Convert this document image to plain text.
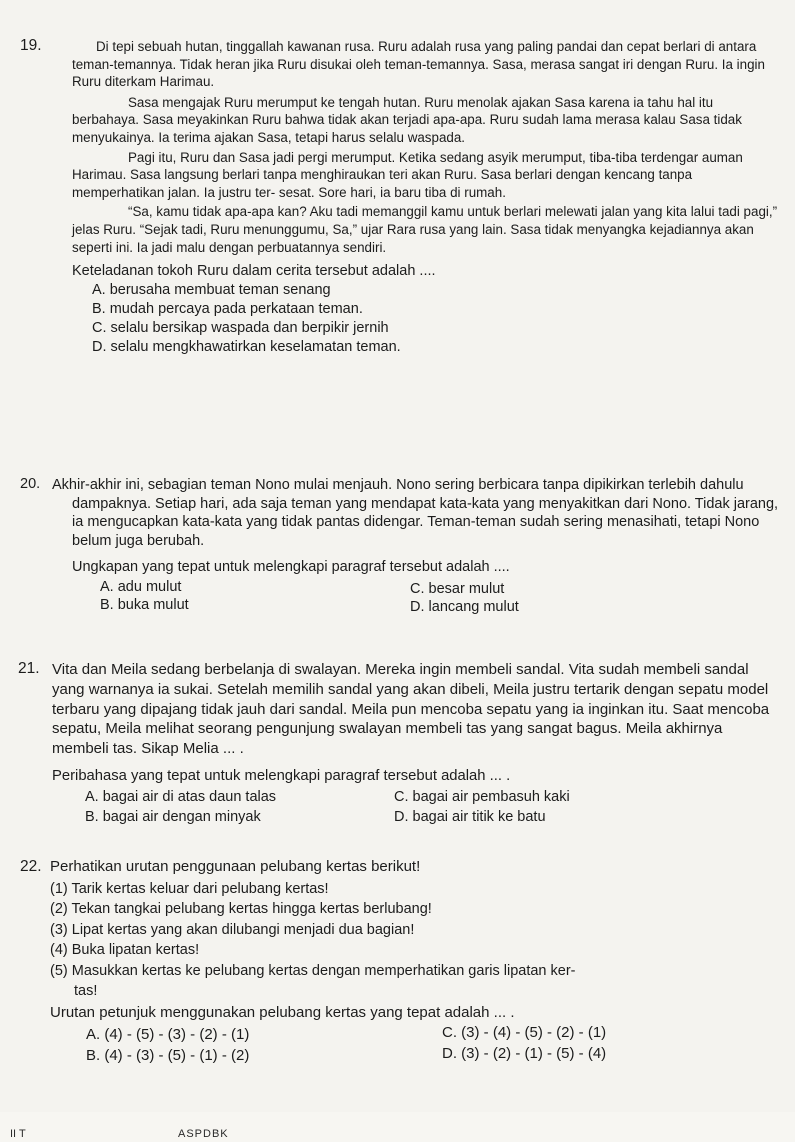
19.	Di tepi sebuah hutan, tinggallah kawanan rusa. Ruru adalah rusa yang paling pandai dan cepat berlari di antara teman-temannya. Tidak heran jika Ruru disukai oleh teman-temannya. Sasa, merasa sangat iri dengan Ruru. Ia ingin Ruru diterkam Harimau.

Sasa mengajak Ruru merumput ke tengah hutan. Ruru menolak ajakan Sasa karena ia tahu hal itu berbahaya. Sasa meyakinkan Ruru bahwa tidak akan terjadi apa-apa. Ruru sudah lama merasa kalau Sasa tidak menyukainya. Ia terima ajakan Sasa, tetapi harus selalu waspada.

Pagi itu, Ruru dan Sasa jadi pergi merumput. Ketika sedang asyik merumput, tiba-tiba terdengar auman Harimau. Sasa langsung berlari tanpa menghiraukan teri akan Ruru. Sasa berlari dengan kencang tanpa memperhatikan jalan. Ia justru ter- sesat. Sore hari, ia baru tiba di rumah.

“Sa, kamu tidak apa-apa kan? Aku tadi memanggil kamu untuk berlari melewati jalan yang kita lalui tadi pagi,” jelas Ruru. “Sejak tadi, Ruru menunggumu, Sa,” ujar Rara rusa yang lain. Sasa tidak menyangka kejadiannya akan seperti ini. Ia jadi malu dengan perbuatannya sendiri.

Keteladanan tokoh Ruru dalam cerita tersebut adalah ....

A. berusaha membuat teman senang

B. mudah percaya pada perkataan teman.

C. selalu bersikap waspada dan berpikir jernih

D. selalu mengkhawatirkan keselamatan teman.

20. Akhir-akhir ini, sebagian teman Nono mulai menjauh. Nono sering berbicara tanpa dipikirkan terlebih dahulu dampaknya. Setiap hari, ada saja teman yang mendapat kata-kata yang menyakitkan dari Nono. Tidak jarang, ia mengucapkan kata-kata yang tidak pantas didengar. Teman-teman sudah sering menasihati, tetapi Nono belum juga berubah.

Ungkapan yang tepat untuk melengkapi paragraf tersebut adalah ....

A. adu mulut	C. besar mulut
B. buka mulut	D. lancang mulut
21. Vita dan Meila sedang berbelanja di swalayan. Mereka ingin membeli sandal. Vita sudah membeli sandal yang warnanya ia sukai. Setelah memilih sandal yang akan dibeli, Meila justru tertarik dengan sepatu model terbaru yang dipajang tidak jauh dari sandal. Meila pun mencoba sepatu yang ia inginkan itu. Saat mencoba sepatu, Meila melihat seorang pengunjung swalayan membeli tas yang sangat bagus. Meila akhirnya membeli tas. Sikap Melia ... .

Peribahasa yang tepat untuk melengkapi paragraf tersebut adalah ... .

A. bagai air di atas daun talas	C. bagai air pembasuh kaki
B. bagai air dengan minyak	D. bagai air titik ke batu
22. Perhatikan urutan penggunaan pelubang kertas berikut!

(1) Tarik kertas keluar dari pelubang kertas!

(2) Tekan tangkai pelubang kertas hingga kertas berlubang!

(3) Lipat kertas yang akan dilubangi menjadi dua bagian!

(4) Buka lipatan kertas!

(5) Masukkan kertas ke pelubang kertas dengan memperhatikan garis lipatan ker-

tas!

Urutan petunjuk menggunakan pelubang kertas yang tepat adalah ... .

A. (4) - (5) - (3) - (2) - (1)	C. (3) - (4) - (5) - (2) - (1)
B. (4) - (3) - (5) - (1) - (2)	D. (3) - (2) - (1) - (5) - (4)
II T	ASPDBK
